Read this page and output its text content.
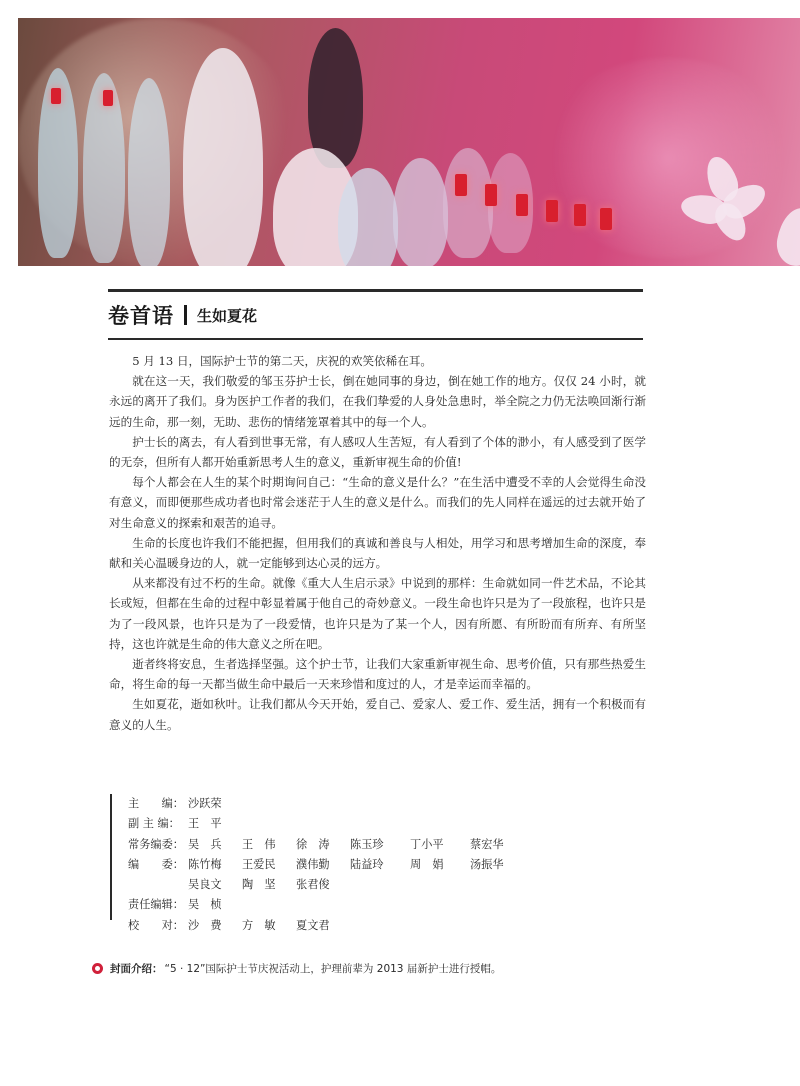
卷首语 生如夏花

5 月 13 日，国际护士节的第二天，庆祝的欢笑依稀在耳。

就在这一天，我们敬爱的邹玉芬护士长，倒在她同事的身边，倒在她工作的地方。仅仅 24 小时，就永远的离开了我们。身为医护工作者的我们，在我们挚爱的人身处急患时，举全院之力仍无法唤回渐行渐远的生命，那一刻，无助、悲伤的情绪笼罩着其中的每一个人。

护士长的离去，有人看到世事无常，有人感叹人生苦短，有人看到了个体的渺小，有人感受到了医学的无奈，但所有人都开始重新思考人生的意义，重新审视生命的价值!

每个人都会在人生的某个时期询问自己：“生命的意义是什么？”在生活中遭受不幸的人会觉得生命没有意义，而即便那些成功者也时常会迷茫于人生的意义是什么。而我们的先人同样在遥远的过去就开始了对生命意义的探索和艰苦的追寻。

生命的长度也许我们不能把握，但用我们的真诚和善良与人相处，用学习和思考增加生命的深度，奉献和关心温暖身边的人，就一定能够到达心灵的远方。

从来都没有过不朽的生命。就像《重大人生启示录》中说到的那样：生命就如同一件艺术品，不论其长或短，但都在生命的过程中彰显着属于他自己的奇妙意义。一段生命也许只是为了一段旅程，也许只是为了一段风景，也许只是为了一段爱情，也许只是为了某一个人，因有所愿、有所盼而有所弃、有所坚持，这也许就是生命的伟大意义之所在吧。

逝者终将安息，生者选择坚强。这个护士节，让我们大家重新审视生命、思考价值，只有那些热爱生命，将生命的每一天都当做生命中最后一天来珍惜和度过的人，才是幸运而幸福的。

生如夏花，逝如秋叶。让我们都从今天开始，爱自己、爱家人、爱工作、爱生活，拥有一个积极而有意义的人生。

主　　编： 沙跃荣
副 主 编： 王　平
常务编委： 吴　兵	王　伟	徐　涛	陈玉珍	丁小平	蔡宏华
编　　委： 陈竹梅	王爱民	濮伟勤	陆益玲	周　娟	汤振华
吴良文	陶　坚	张君俊
责任编辑： 吴　桢
校　　对： 沙　费	方　敏	夏文君
封面介绍： “5 · 12”国际护士节庆祝活动上，护理前辈为 2013 届新护士进行授帽。
